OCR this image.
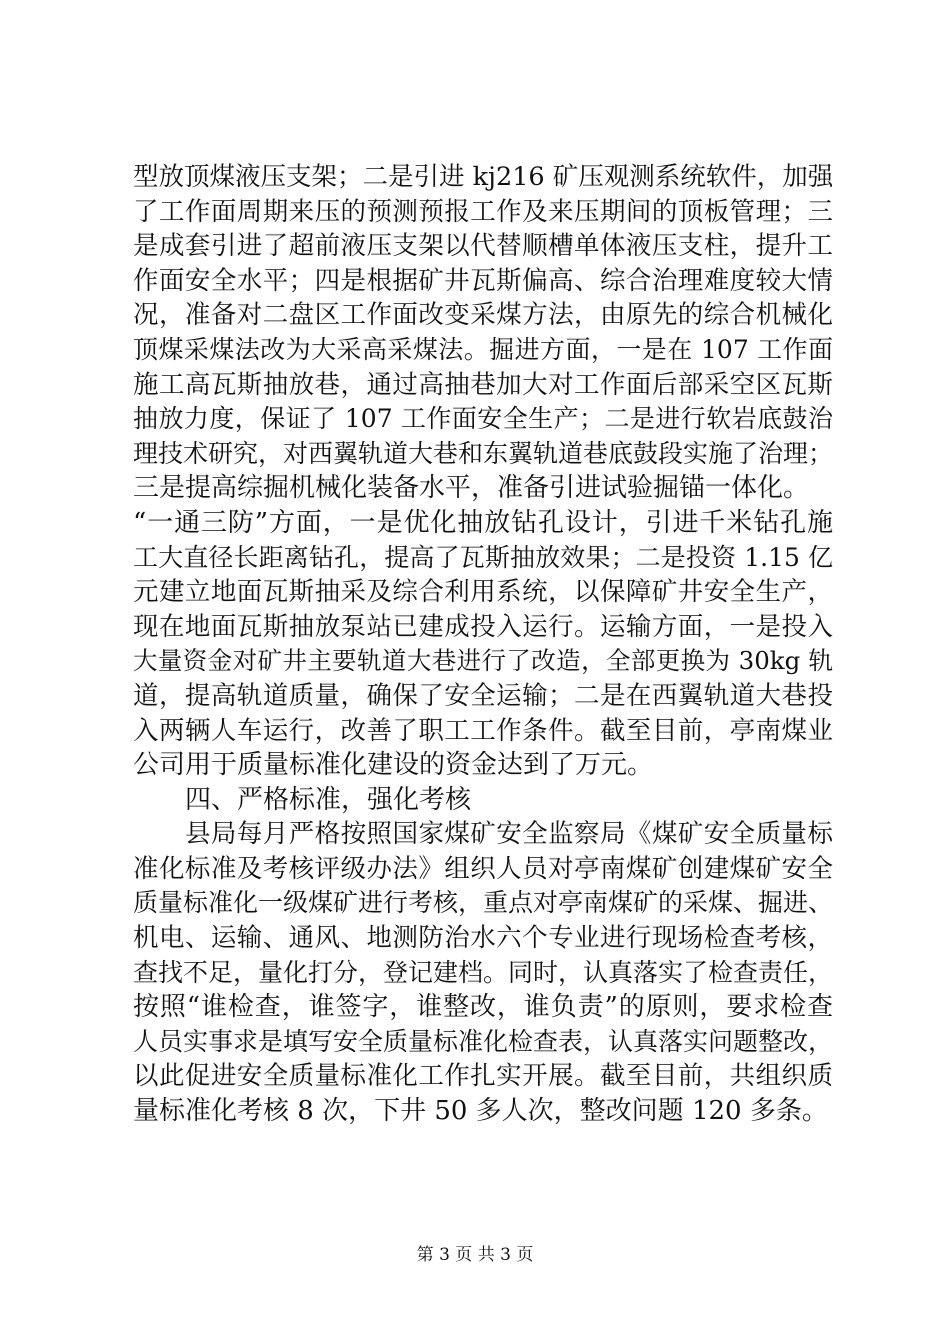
型放顶煤液压支架；二是引进 kj216 矿压观测系统软件，加强
了工作面周期来压的预测预报工作及来压期间的顶板管理；三
是成套引进了超前液压支架以代替顺槽单体液压支柱，提升工
作面安全水平；四是根据矿井瓦斯偏高、综合治理难度较大情
况，准备对二盘区工作面改变采煤方法，由原先的综合机械化
顶煤采煤法改为大采高采煤法。掘进方面，一是在 107 工作面
施工高瓦斯抽放巷，通过高抽巷加大对工作面后部采空区瓦斯
抽放力度，保证了 107 工作面安全生产；二是进行软岩底鼓治
理技术研究，对西翼轨道大巷和东翼轨道巷底鼓段实施了治理；
三是提高综掘机械化装备水平，准备引进试验掘锚一体化。
“一通三防”方面，一是优化抽放钻孔设计，引进千米钻孔施
工大直径长距离钻孔，提高了瓦斯抽放效果；二是投资 1.15 亿
元建立地面瓦斯抽采及综合利用系统，以保障矿井安全生产，
现在地面瓦斯抽放泵站已建成投入运行。运输方面，一是投入
大量资金对矿井主要轨道大巷进行了改造，全部更换为 30kg 轨
道，提高轨道质量，确保了安全运输；二是在西翼轨道大巷投
入两辆人车运行，改善了职工工作条件。截至目前，亭南煤业
公司用于质量标准化建设的资金达到了万元。
四、严格标准，强化考核
县局每月严格按照国家煤矿安全监察局《煤矿安全质量标
准化标准及考核评级办法》组织人员对亭南煤矿创建煤矿安全
质量标准化一级煤矿进行考核，重点对亭南煤矿的采煤、掘进、
机电、运输、通风、地测防治水六个专业进行现场检查考核，
查找不足，量化打分，登记建档。同时，认真落实了检查责任，
按照“谁检查，谁签字，谁整改，谁负责”的原则，要求检查
人员实事求是填写安全质量标准化检查表，认真落实问题整改，
以此促进安全质量标准化工作扎实开展。截至目前，共组织质
量标准化考核 8 次，下井 50 多人次，整改问题 120 多条。
第 3 页 共 3 页
